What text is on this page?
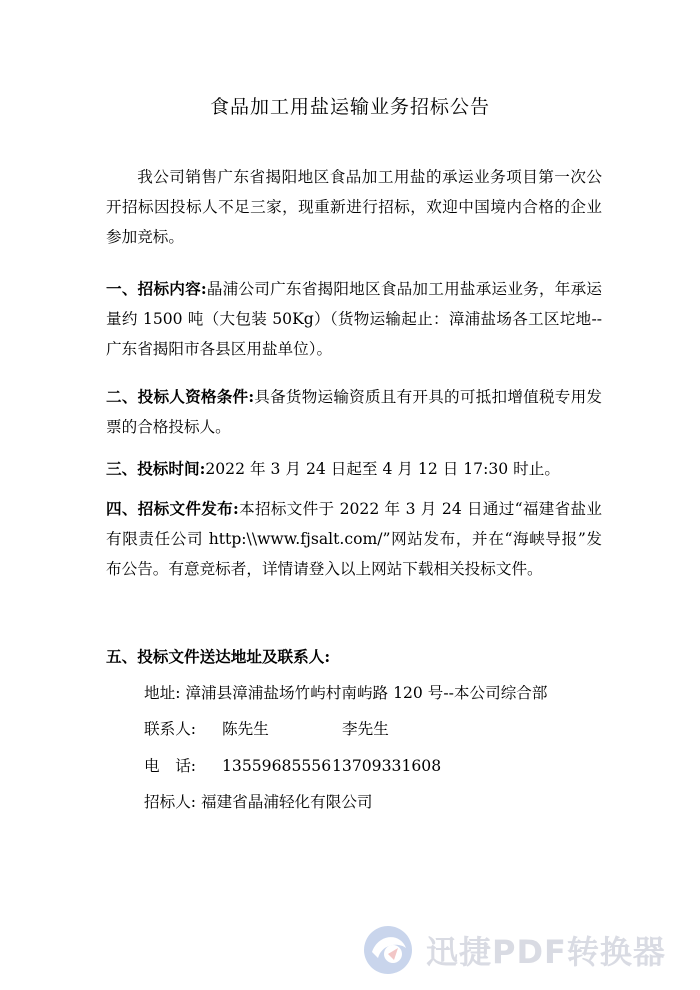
食品加工用盐运输业务招标公告

我公司销售广东省揭阳地区食品加工用盐的承运业务项目第一次公开招标因投标人不足三家，现重新进行招标，欢迎中国境内合格的企业参加竞标。

一、招标内容:晶浦公司广东省揭阳地区食品加工用盐承运业务，年承运量约 1500 吨（大包装 50Kg）（货物运输起止：漳浦盐场各工区坨地--广东省揭阳市各县区用盐单位）。

二、投标人资格条件:具备货物运输资质且有开具的可抵扣增值税专用发票的合格投标人。

三、投标时间:2022 年 3 月 24 日起至 4 月 12 日 17:30 时止。

四、招标文件发布:本招标文件于 2022 年 3 月 24 日通过“福建省盐业有限责任公司 http:\\www.fjsalt.com/”网站发布，并在“海峡导报”发布公告。有意竞标者，详情请登入以上网站下载相关投标文件。

五、投标文件送达地址及联系人:

地址: 漳浦县漳浦盐场竹屿村南屿路 120 号--本公司综合部
联系人:	陈先生	李先生
电　话:	13559685556 13709331608
招标人: 福建省晶浦轻化有限公司
迅捷PDF转换器
